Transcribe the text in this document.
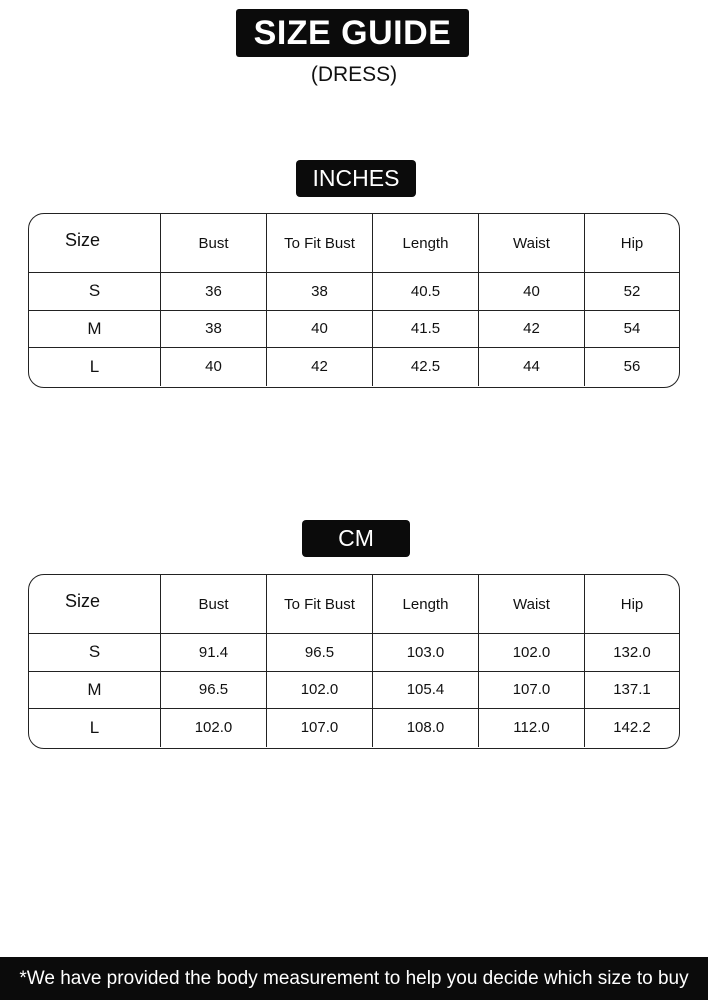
SIZE GUIDE
(DRESS)
INCHES
Size	Bust	To Fit Bust	Length	Waist	Hip
S	36	38	40.5	40	52
M	38	40	41.5	42	54
L	40	42	42.5	44	56
CM
Size	Bust	To Fit Bust	Length	Waist	Hip
S	91.4	96.5	103.0	102.0	132.0
M	96.5	102.0	105.4	107.0	137.1
L	102.0	107.0	108.0	112.0	142.2
*We have provided the body measurement to help you decide which size to buy
